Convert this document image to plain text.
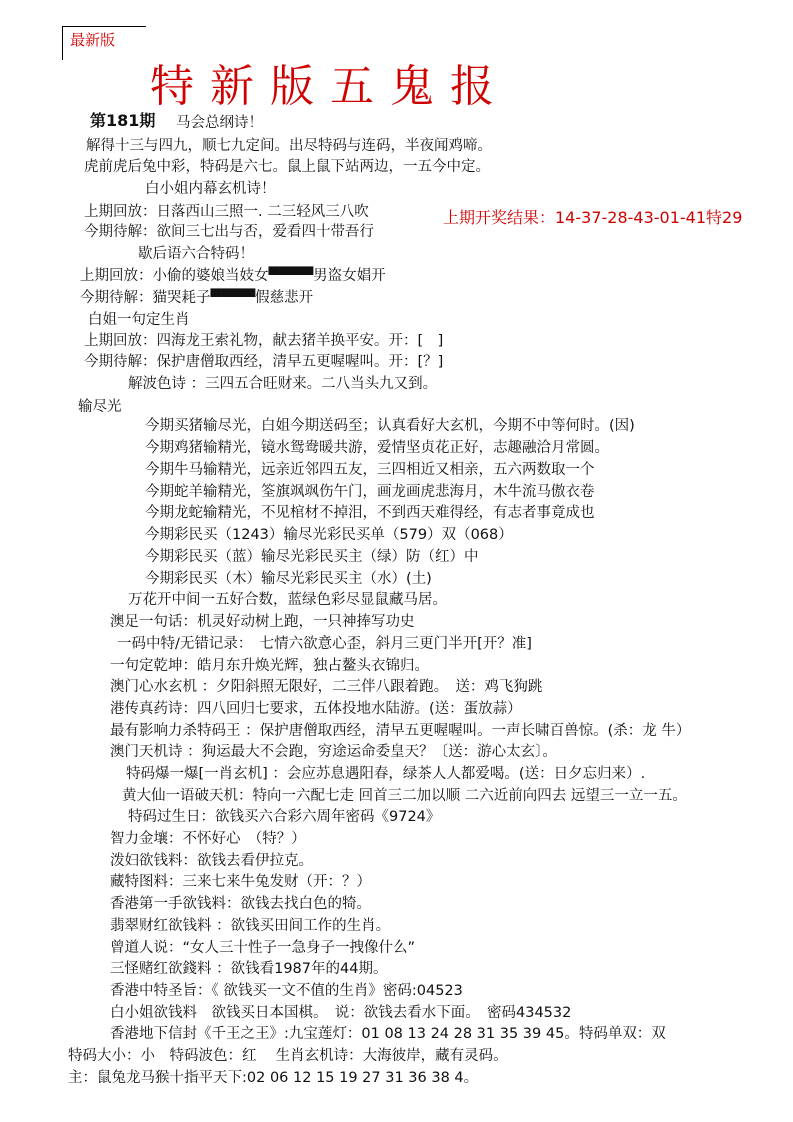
最新版
特新版五鬼报
第181期
上期开奖结果：14-37-28-43-01-41特29
马会总纲诗！
解得十三与四九，顺七九定间。出尽特码与连码，半夜闻鸡啼。
虎前虎后兔中彩，特码是六七。鼠上鼠下站两边，一五今中定。
白小姐内幕玄机诗！
上期回放：日落西山三照一. 二三轻风三八吹
今期待解：欲间三七出与否，爱看四十带吾行
歇后语六合特码！
上期回放：小偷的婆娘当妓女▀▀▀▀男盗女娼开
今期待解：猫哭耗子▀▀▀▀假慈悲开
白姐一句定生肖
上期回放：四海龙王索礼物，献去猪羊换平安。开：[　]
今期待解：保护唐僧取西经，清早五更喔喔叫。开：[？]
解波色诗 ：三四五合旺财来。二八当头九又到。
输尽光
今期买猪输尽光，白姐今期送码至；认真看好大玄机，今期不中等何时。(因)
今期鸡猪输精光，镜水鸳鸯暖共游，爱情坚贞花正好，志趣融洽月常圆。
今期牛马输精光，远亲近邻四五友，三四相近又相亲，五六两数取一个
今期蛇羊输精光，筌旗飒飒伤午门，画龙画虎悲海月，木牛流马傲衣卷
今期龙蛇输精光，不见棺材不掉泪，不到西天难得经，有志者事竟成也
今期彩民买（1243）输尽光彩民买单（579）双（068）
今期彩民买（蓝）输尽光彩民买主（绿）防（红）中
今期彩民买（木）输尽光彩民买主（水）(土)
万花开中间一五好合数，蓝绿色彩尽显鼠藏马居。
澳足一句话：机灵好动树上跑，一只神捧写功史
一码中特/无错记录：　七情六欲意心歪，斜月三更门半开[开？准]
一句定乾坤：皓月东升焕光辉，独占鳌头衣锦归。
澳门心水玄机 ：夕阳斜照无限好，二三伴八跟着跑。　送：鸡飞狗跳
港传真药诗：四八回归七要求，五体投地水陆游。(送：蛋放蒜）
最有影响力杀特码王 ：保护唐僧取西经，清早五更喔喔叫。一声长啸百兽惊。(杀：龙 牛）
澳门天机诗 ：狗运最大不会跑，穷途运命委皇天？〔送：游心太玄〕。
特码爆一爆[一肖玄机] ：会应苏息遇阳春，绿茶人人都爱喝。(送：日夕忘归来）.
黄大仙一语破天机：特向一六配七走 回首三二加以顺 二六近前向四去 远望三一立一五。
特码过生日：欲钱买六合彩六周年密码《9724》
智力金壤：不怀好心　（特？）
泼妇欲钱料：欲钱去看伊拉克。
藏特图料：三来七来牛兔发财（开：？）
香港第一手欲钱料：欲钱去找白色的犄。
翡翠财红欲钱料 ：欲钱买田间工作的生肖。
曾道人说：“女人三十性子一急身子一拽像什么”
三怪赌红欲錢料 ：欲钱看1987年的44期。
香港中特圣旨：《 欲钱买一文不值的生肖》密码:04523
白小姐欲钱料　欲钱买日本国棋。　说：欲钱去看水下面。　密码434532
香港地下信封《千王之王》:九宝莲灯：01 08 13 24 28 31 35 39 45。特码单双：双
特码大小：小　特码波色：红　 生肖玄机诗：大海彼岸，藏有灵码。
主：鼠兔龙马猴十指平天下:02 06 12 15 19 27 31 36 38 4。
